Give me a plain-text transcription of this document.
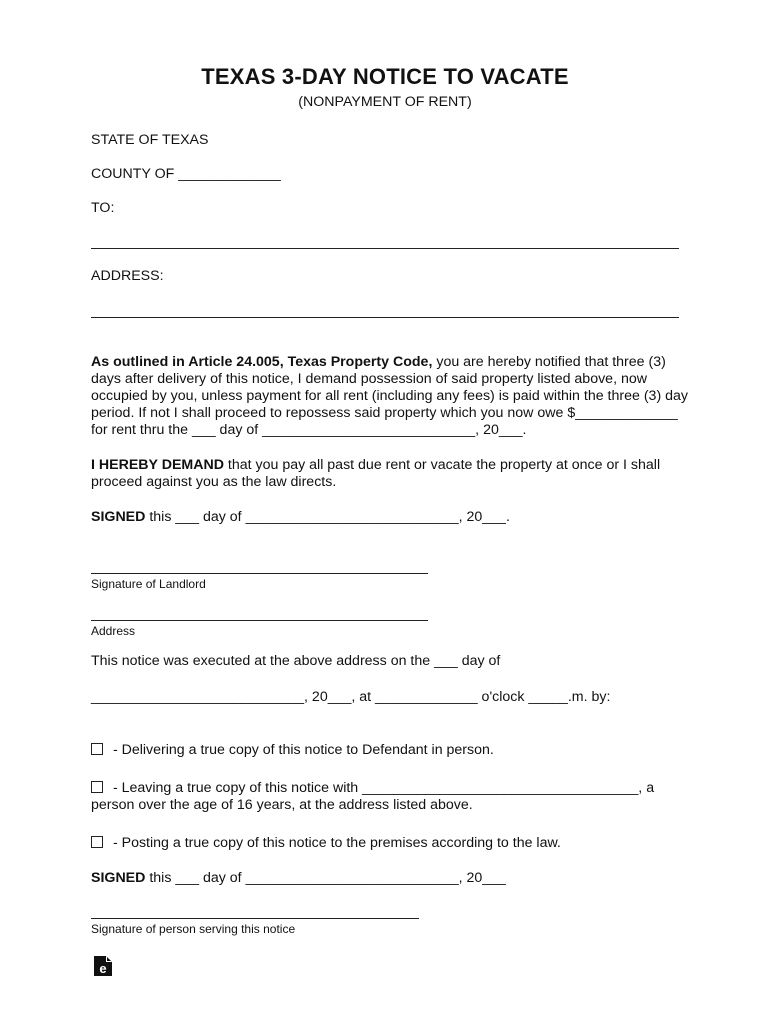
TEXAS 3-DAY NOTICE TO VACATE
(NONPAYMENT OF RENT)
STATE OF TEXAS
COUNTY OF _____________
TO:
ADDRESS:
As outlined in Article 24.005, Texas Property Code, you are hereby notified that three (3) days after delivery of this notice, I demand possession of said property listed above, now occupied by you, unless payment for all rent (including any fees) is paid within the three (3) day period. If not I shall proceed to repossess said property which you now owe $_____________ for rent thru the ___ day of ___________________________, 20___.
I HEREBY DEMAND that you pay all past due rent or vacate the property at once or I shall proceed against you as the law directs.
SIGNED this ___ day of ___________________________, 20___.
Signature of Landlord
Address
This notice was executed at the above address on the ___ day of
___________________________, 20___, at _____________ o'clock _____.m. by:
- Delivering a true copy of this notice to Defendant in person.
- Leaving a true copy of this notice with ___________________________________, a person over the age of 16 years, at the address listed above.
- Posting a true copy of this notice to the premises according to the law.
SIGNED this ___ day of ___________________________, 20___
Signature of person serving this notice
e
